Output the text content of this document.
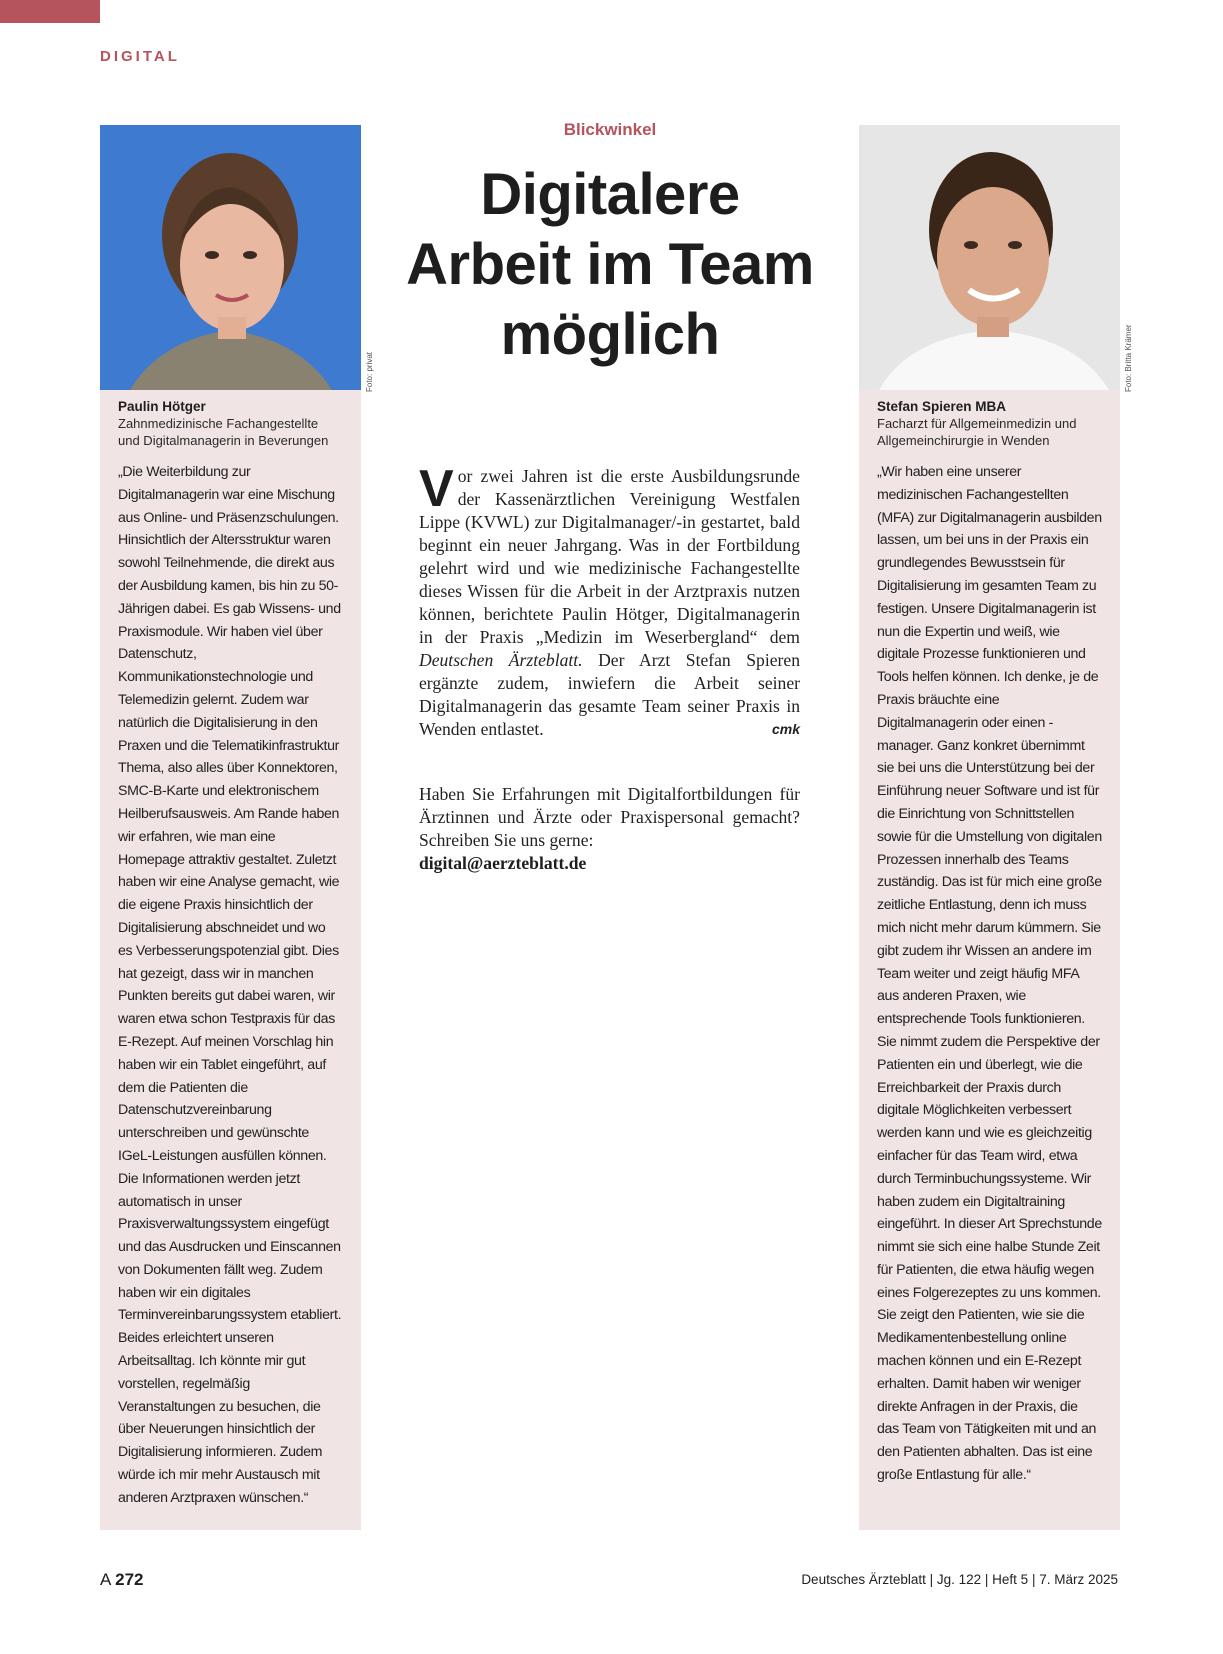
DIGITAL
Paulin Hötger
Zahnmedizinische Fachangestellte und Digitalmanagerin in Beverungen
„Die Weiterbildung zur Digitalmanagerin war eine Mischung aus Online- und Präsenzschulungen. Hinsichtlich der Altersstruktur waren sowohl Teilnehmende, die direkt aus der Ausbildung kamen, bis hin zu 50-Jährigen dabei. Es gab Wissens- und Praxismodule. Wir haben viel über Datenschutz, Kommunikationstechnologie und Telemedizin gelernt. Zudem war natürlich die Digitalisierung in den Praxen und die Telematikinfrastruktur Thema, also alles über Konnektoren, SMC-B-Karte und elektronischem Heilberufsausweis. Am Rande haben wir erfahren, wie man eine Homepage attraktiv gestaltet. Zuletzt haben wir eine Analyse gemacht, wie die eigene Praxis hinsichtlich der Digitalisierung abschneidet und wo es Verbesserungspotenzial gibt. Dies hat gezeigt, dass wir in manchen Punkten bereits gut dabei waren, wir waren etwa schon Testpraxis für das E-Rezept. Auf meinen Vorschlag hin haben wir ein Tablet eingeführt, auf dem die Patienten die Datenschutzvereinbarung unterschreiben und gewünschte IGeL-Leistungen ausfüllen können. Die Informationen werden jetzt automatisch in unser Praxisverwaltungssystem eingefügt und das Ausdrucken und Einscannen von Dokumenten fällt weg. Zudem haben wir ein digitales Terminvereinbarungssystem etabliert. Beides erleichtert unseren Arbeitsalltag. Ich könnte mir gut vorstellen, regelmäßig Veranstaltungen zu besuchen, die über Neuerungen hinsichtlich der Digitalisierung informieren. Zudem würde ich mir mehr Austausch mit anderen Arztpraxen wünschen.“
Foto: privat
Stefan Spieren MBA
Facharzt für Allgemeinmedizin und Allgemeinchirurgie in Wenden
„Wir haben eine unserer medizinischen Fachangestellten (MFA) zur Digitalmanagerin ausbilden lassen, um bei uns in der Praxis ein grundlegendes Bewusstsein für Digitalisierung im gesamten Team zu festigen. Unsere Digitalmanagerin ist nun die Expertin und weiß, wie digitale Prozesse funktionieren und Tools helfen können. Ich denke, je de Praxis bräuchte eine Digitalmanagerin oder einen -manager. Ganz konkret übernimmt sie bei uns die Unterstützung bei der Einführung neuer Software und ist für die Einrichtung von Schnittstellen sowie für die Umstellung von digitalen Prozessen innerhalb des Teams zuständig. Das ist für mich eine große zeitliche Entlastung, denn ich muss mich nicht mehr darum kümmern. Sie gibt zudem ihr Wissen an andere im Team weiter und zeigt häufig MFA aus anderen Praxen, wie entsprechende Tools funktionieren. Sie nimmt zudem die Perspektive der Patienten ein und überlegt, wie die Erreichbarkeit der Praxis durch digitale Möglichkeiten verbessert werden kann und wie es gleichzeitig einfacher für das Team wird, etwa durch Terminbuchungssysteme. Wir haben zudem ein Digitaltraining eingeführt. In dieser Art Sprechstunde nimmt sie sich eine halbe Stunde Zeit für Patienten, die etwa häufig wegen eines Folgerezeptes zu uns kommen. Sie zeigt den Patienten, wie sie die Medikamentenbestellung online machen können und ein E-Rezept erhalten. Damit haben wir weniger direkte Anfragen in der Praxis, die das Team von Tätigkeiten mit und an den Patienten abhalten. Das ist eine große Entlastung für alle.“
Foto: Britta Krämer
Blickwinkel
Digitalere Arbeit im Team möglich
Vor zwei Jahren ist die erste Ausbildungsrunde der Kassenärztlichen Vereinigung Westfalen Lippe (KVWL) zur Digitalmanager/-in gestartet, bald beginnt ein neuer Jahrgang. Was in der Fortbildung gelehrt wird und wie medizinische Fachangestellte dieses Wissen für die Arbeit in der Arztpraxis nutzen können, berichtete Paulin Hötger, Digitalmanagerin in der Praxis „Medizin im Weserbergland“ dem Deutschen Ärzteblatt. Der Arzt Stefan Spieren ergänzte zudem, inwiefern die Arbeit seiner Digitalmanagerin das gesamte Team seiner Praxis in Wenden entlastet.	cmk
Haben Sie Erfahrungen mit Digitalfortbildungen für Ärztinnen und Ärzte oder Praxispersonal gemacht? Schreiben Sie uns gerne:
digital@aerzteblatt.de
A 272	Deutsches Ärzteblatt | Jg. 122 | Heft 5 | 7. März 2025
